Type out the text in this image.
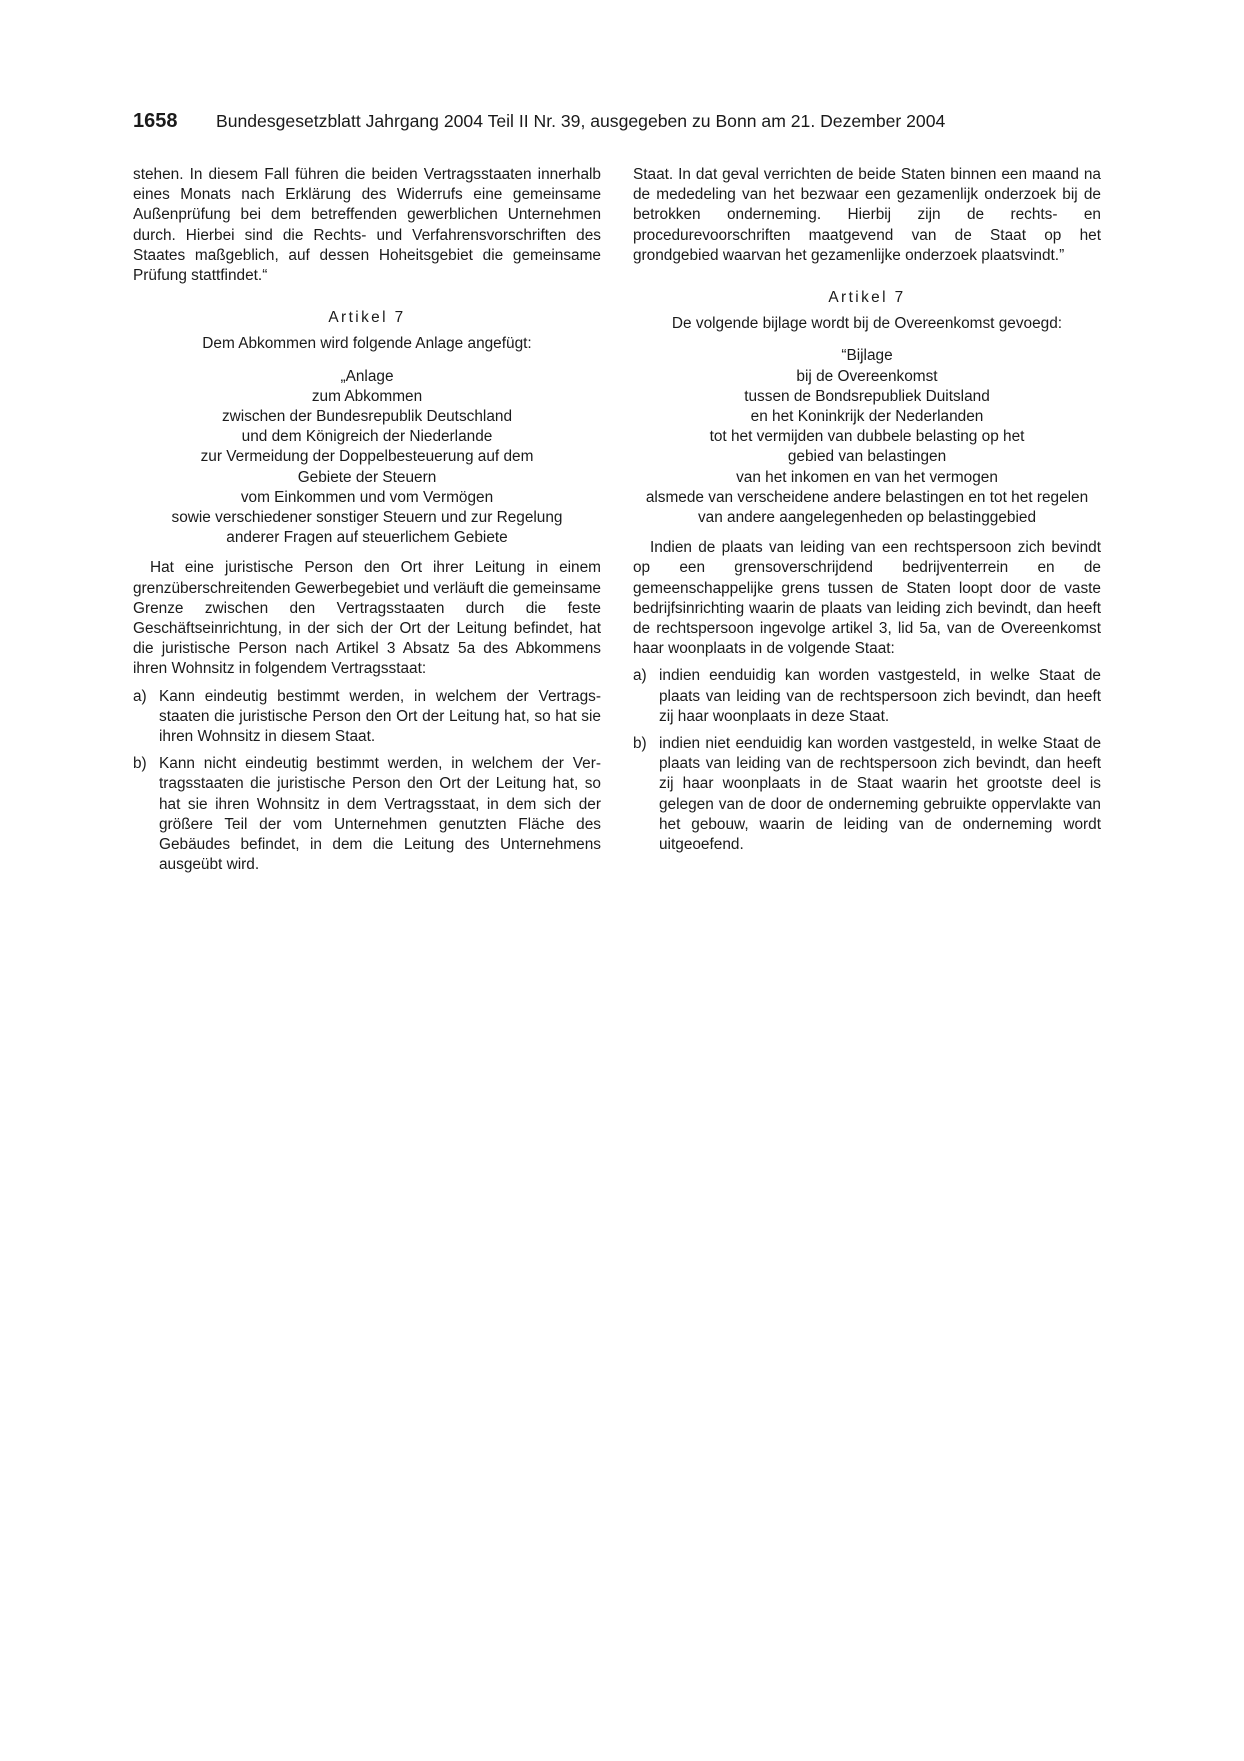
1658 Bundesgesetzblatt Jahrgang 2004 Teil II Nr. 39, ausgegeben zu Bonn am 21. Dezember 2004

stehen. In diesem Fall führen die beiden Vertragsstaaten innerhalb eines Monats nach Erklärung des Widerrufs eine gemeinsame Außenprüfung bei dem betreffenden gewerblichen Unternehmen durch. Hierbei sind die Rechts- und Verfahrensvorschriften des Staates maßgeblich, auf dessen Hoheitsgebiet die gemeinsame Prüfung stattfindet.“

Artikel 7
Dem Abkommen wird folgende Anlage angefügt:
„Anlage
zum Abkommen
zwischen der Bundesrepublik Deutschland
und dem Königreich der Niederlande
zur Vermeidung der Doppelbesteuerung auf dem
Gebiete der Steuern
vom Einkommen und vom Vermögen
sowie verschiedener sonstiger Steuern und zur Regelung
anderer Fragen auf steuerlichem Gebiete

Hat eine juristische Person den Ort ihrer Leitung in einem grenzüberschreitenden Gewerbegebiet und verläuft die gemeinsame Grenze zwischen den Vertragsstaaten durch die feste Geschäftseinrichtung, in der sich der Ort der Leitung befindet, hat die juristische Person nach Artikel 3 Absatz 5a des Abkommens ihren Wohnsitz in folgendem Vertragsstaat:

a) Kann eindeutig bestimmt werden, in welchem der Vertragsstaaten die juristische Person den Ort der Leitung hat, so hat sie ihren Wohnsitz in diesem Staat.
b) Kann nicht eindeutig bestimmt werden, in welchem der Vertragsstaaten die juristische Person den Ort der Leitung hat, so hat sie ihren Wohnsitz in dem Vertragsstaat, in dem sich der größere Teil der vom Unternehmen genutzten Fläche des Gebäudes befindet, in dem die Leitung des Unternehmens ausgeübt wird.

Staat. In dat geval verrichten de beide Staten binnen een maand na de mededeling van het bezwaar een gezamenlijk onderzoek bij de betrokken onderneming. Hierbij zijn de rechts- en procedurevoorschriften maatgevend van de Staat op het grondgebied waarvan het gezamenlijke onderzoek plaatsvindt.”

Artikel 7
De volgende bijlage wordt bij de Overeenkomst gevoegd:
“Bijlage
bij de Overeenkomst
tussen de Bondsrepubliek Duitsland
en het Koninkrijk der Nederlanden
tot het vermijden van dubbele belasting op het
gebied van belastingen
van het inkomen en van het vermogen
alsmede van verscheidene andere belastingen en tot het regelen
van andere aangelegenheden op belastinggebied

Indien de plaats van leiding van een rechtspersoon zich bevindt op een grensoverschrijdend bedrijventerrein en de gemeenschappelijke grens tussen de Staten loopt door de vaste bedrijfsinrichting waarin de plaats van leiding zich bevindt, dan heeft de rechtspersoon ingevolge artikel 3, lid 5a, van de Overeenkomst haar woonplaats in de volgende Staat:

a) indien eenduidig kan worden vastgesteld, in welke Staat de plaats van leiding van de rechtspersoon zich bevindt, dan heeft zij haar woonplaats in deze Staat.
b) indien niet eenduidig kan worden vastgesteld, in welke Staat de plaats van leiding van de rechtspersoon zich bevindt, dan heeft zij haar woonplaats in de Staat waarin het grootste deel is gelegen van de door de onderneming gebruikte oppervlakte van het gebouw, waarin de leiding van de onderneming wordt uitgeoefend.
